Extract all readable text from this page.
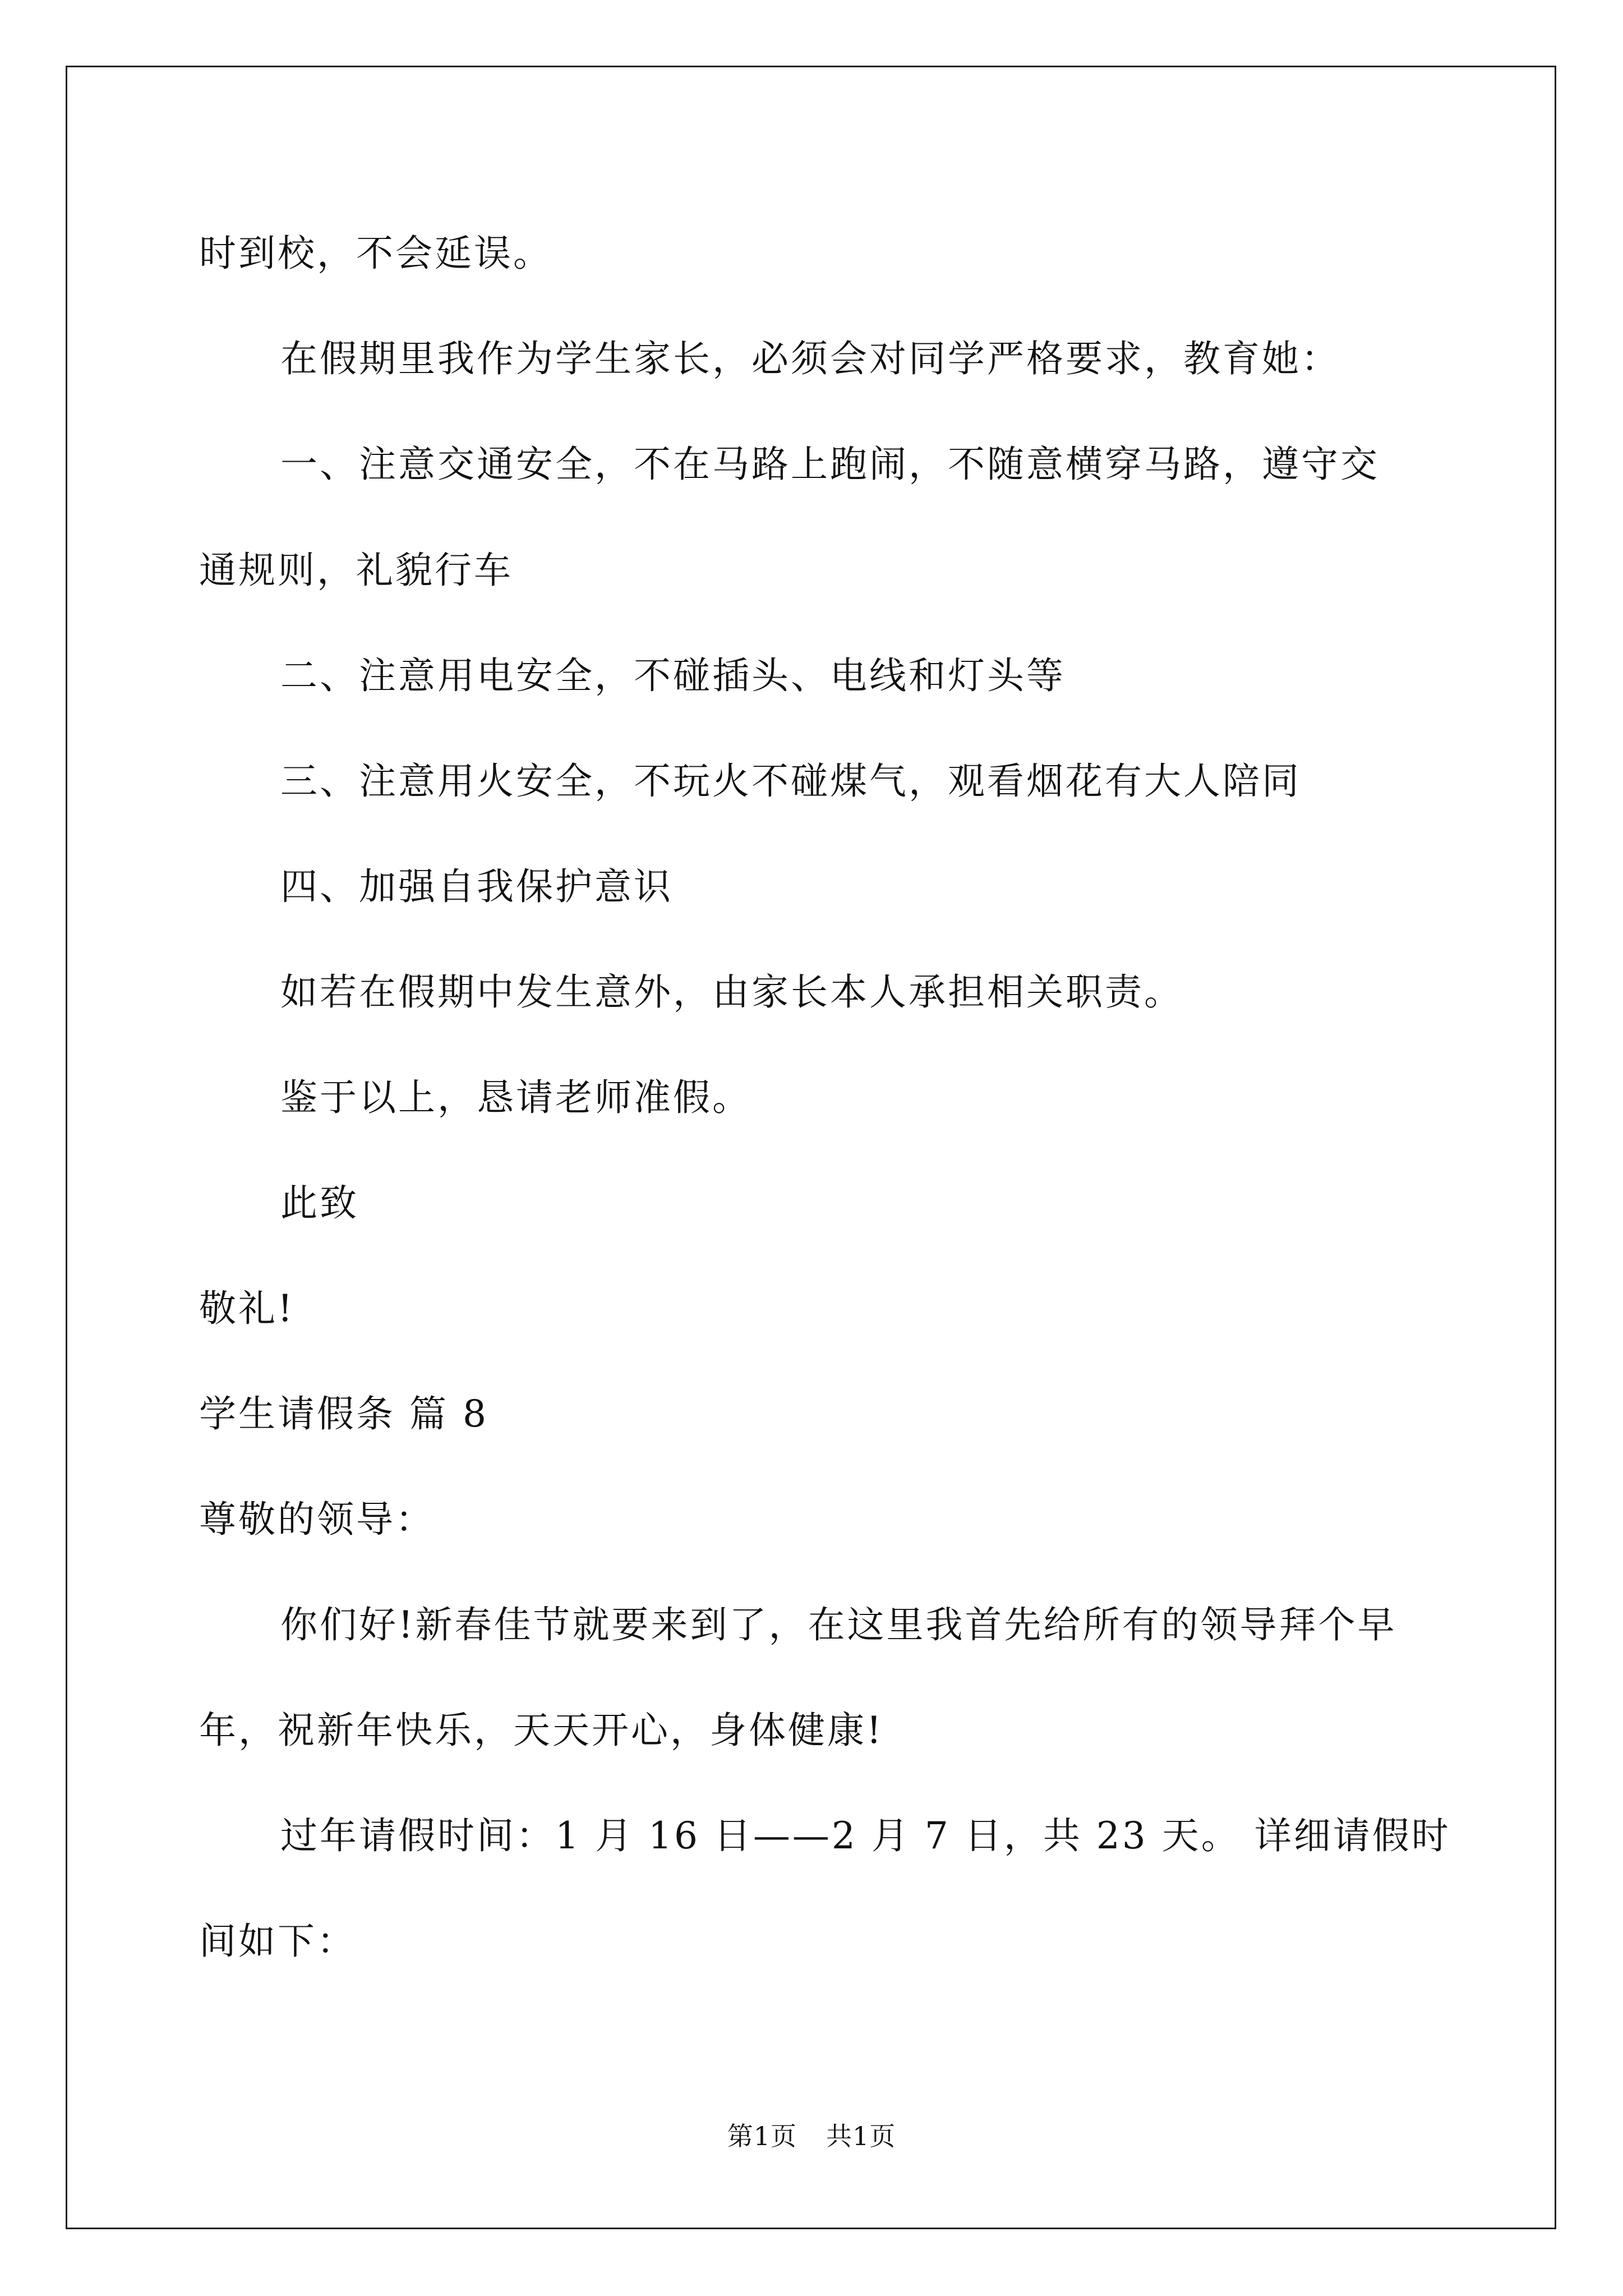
时到校，不会延误。
在假期里我作为学生家长，必须会对同学严格要求，教育她：
一、注意交通安全，不在马路上跑闹，不随意横穿马路，遵守交
通规则，礼貌行车
二、注意用电安全，不碰插头、电线和灯头等
三、注意用火安全，不玩火不碰煤气，观看烟花有大人陪同
四、加强自我保护意识
如若在假期中发生意外，由家长本人承担相关职责。
鉴于以上，恳请老师准假。
此致
敬礼!
学生请假条 篇 8
尊敬的领导：
你们好!新春佳节就要来到了，在这里我首先给所有的领导拜个早
年，祝新年快乐，天天开心，身体健康!
过年请假时间：1 月 16 日——2 月 7 日，共 23 天。 详细请假时
间如下：
第1页 共1页
